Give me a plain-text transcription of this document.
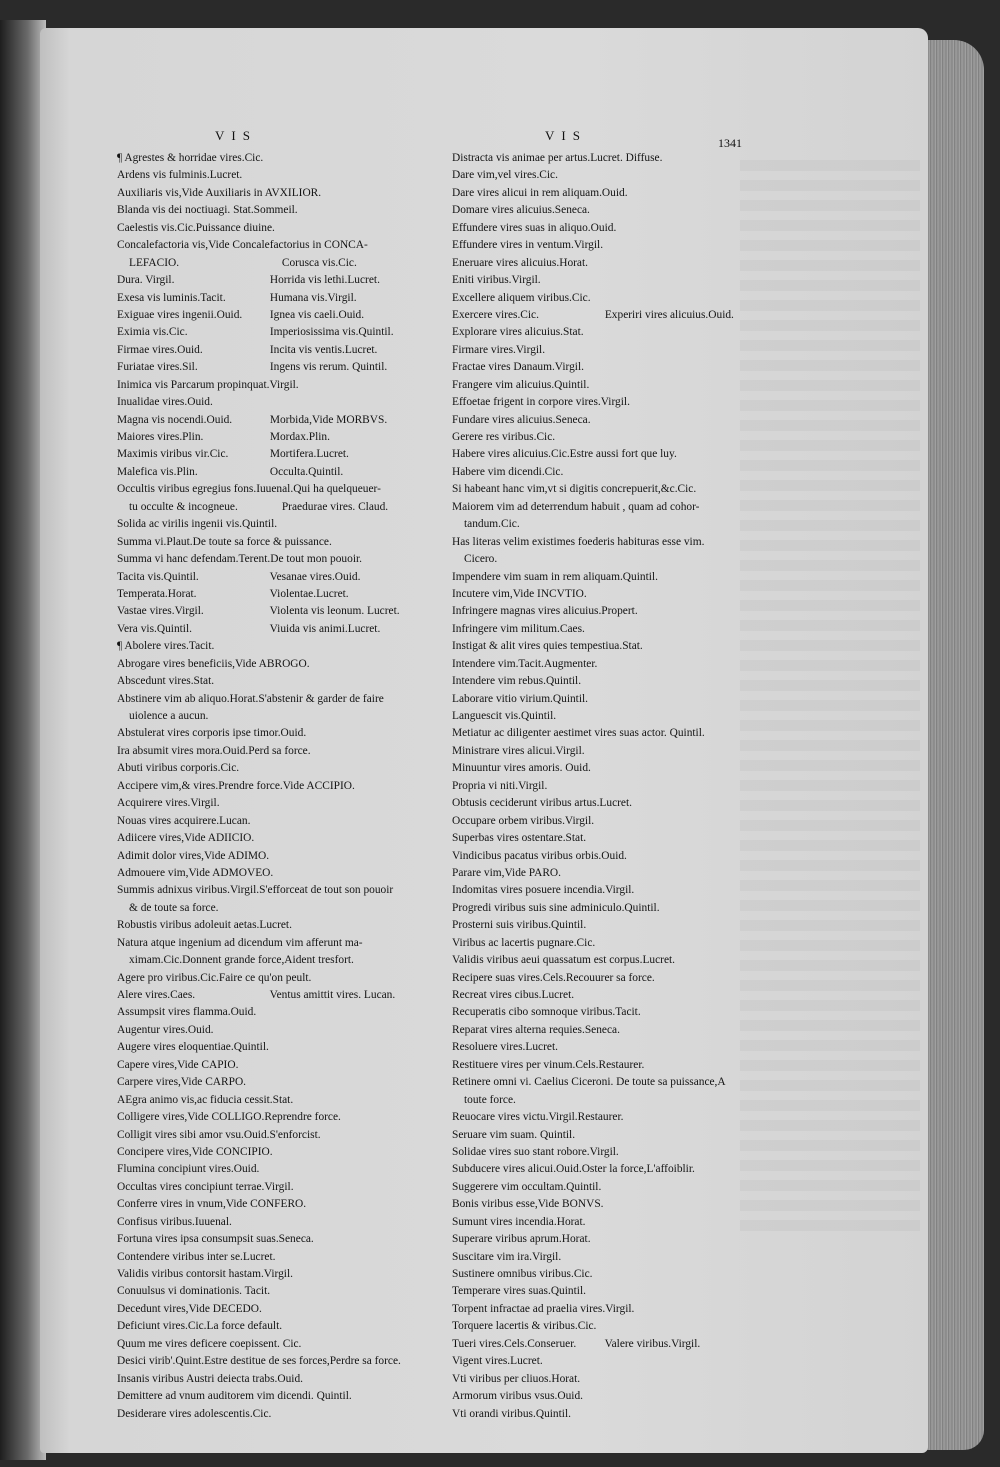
VIS	VIS	1341
¶ Agrestes & horridae vires.Cic.
Ardens vis fulminis.Lucret.
Auxiliaris vis,Vide Auxiliaris in AVXILIOR.
Blanda vis dei noctiuagi. Stat.Sommeil.
Caelestis vis.Cic.Puissance diuine.
Concalefactoria vis,Vide Concalefactorius in CONCA-
LEFACIO.	Corusca vis.Cic.
Dura. Virgil.	Horrida vis lethi.Lucret.
Exesa vis luminis.Tacit.	Humana vis.Virgil.
Exiguae vires ingenii.Ouid. Ignea vis caeli.Ouid.
Eximia vis.Cic.	Imperiosissima vis.Quintil.
Firmae vires.Ouid.	Incita vis ventis.Lucret.
Furiatae vires.Sil.	Ingens vis rerum. Quintil.
Inimica vis Parcarum propinquat.Virgil.
Inualidae vires.Ouid.
Magna vis nocendi.Ouid.	Morbida,Vide MORBVS.
Maiores vires.Plin.	Mordax.Plin.
Maximis viribus vir.Cic.	Mortifera.Lucret.
Malefica vis.Plin.	Occulta.Quintil.
Occultis viribus egregius fons.Iuuenal.Qui ha quelqueuer-
tu occulte & incogneue.	Praedurae vires. Claud.
Solida ac virilis ingenii vis.Quintil.
Summa vi.Plaut.De toute sa force & puissance.
Summa vi hanc defendam.Terent.De tout mon pouoir.
Tacita vis.Quintil.	Vesanae vires.Ouid.
Temperata.Horat.	Violentae.Lucret.
Vastae vires.Virgil.	Violenta vis leonum. Lucret.
Vera vis.Quintil.	Viuida vis animi.Lucret.
¶ Abolere vires.Tacit.
Abrogare vires beneficiis,Vide ABROGO.
Abscedunt vires.Stat.
Abstinere vim ab aliquo.Horat.S'abstenir & garder de faire
uiolence a aucun.
Abstulerat vires corporis ipse timor.Ouid.
Ira absumit vires mora.Ouid.Perd sa force.
Abuti viribus corporis.Cic.
Accipere vim,& vires.Prendre force.Vide ACCIPIO.
Acquirere vires.Virgil.
Nouas vires acquirere.Lucan.
Adiicere vires,Vide ADIICIO.
Adimit dolor vires,Vide ADIMO.
Admouere vim,Vide ADMOVEO.
Summis adnixus viribus.Virgil.S'efforceat de tout son pouoir
& de toute sa force.
Robustis viribus adoleuit aetas.Lucret.
Natura atque ingenium ad dicendum vim afferunt ma-
ximam.Cic.Donnent grande force,Aident tresfort.
Agere pro viribus.Cic.Faire ce qu'on peult.
Alere vires.Caes.	Ventus amittit vires. Lucan.
Assumpsit vires flamma.Ouid.
Augentur vires.Ouid.
Augere vires eloquentiae.Quintil.
Capere vires,Vide CAPIO.
Carpere vires,Vide CARPO.
AEgra animo vis,ac fiducia cessit.Stat.
Colligere vires,Vide COLLIGO.Reprendre force.
Colligit vires sibi amor vsu.Ouid.S'enforcist.
Concipere vires,Vide CONCIPIO.
Flumina concipiunt vires.Ouid.
Occultas vires concipiunt terrae.Virgil.
Conferre vires in vnum,Vide CONFERO.
Confisus viribus.Iuuenal.
Fortuna vires ipsa consumpsit suas.Seneca.
Contendere viribus inter se.Lucret.
Validis viribus contorsit hastam.Virgil.
Conuulsus vi dominationis. Tacit.
Decedunt vires,Vide DECEDO.
Deficiunt vires.Cic.La force default.
Quum me vires deficere coepissent. Cic.
Desici virib'.Quint.Estre destitue de ses forces,Perdre sa force.
Insanis viribus Austri deiecta trabs.Ouid.
Demittere ad vnum auditorem vim dicendi. Quintil.
Desiderare vires adolescentis.Cic.
Distracta vis animae per artus.Lucret. Diffuse.
Dare vim,vel vires.Cic.
Dare vires alicui in rem aliquam.Ouid.
Domare vires alicuius.Seneca.
Effundere vires suas in aliquo.Ouid.
Effundere vires in ventum.Virgil.
Eneruare vires alicuius.Horat.
Eniti viribus.Virgil.
Excellere aliquem viribus.Cic.
Exercere vires.Cic.	Experiri vires alicuius.Ouid.
Explorare vires alicuius.Stat.
Firmare vires.Virgil.
Fractae vires Danaum.Virgil.
Frangere vim alicuius.Quintil.
Effoetae frigent in corpore vires.Virgil.
Fundare vires alicuius.Seneca.
Gerere res viribus.Cic.
Habere vires alicuius.Cic.Estre aussi fort que luy.
Habere vim dicendi.Cic.
Si habeant hanc vim,vt si digitis concrepuerit,&c.Cic.
Maiorem vim ad deterrendum habuit , quam ad cohor-
tandum.Cic.
Has literas velim existimes foederis habituras esse vim.
Cicero.
Impendere vim suam in rem aliquam.Quintil.
Incutere vim,Vide INCVTIO.
Infringere magnas vires alicuius.Propert.
Infringere vim militum.Caes.
Instigat & alit vires quies tempestiua.Stat.
Intendere vim.Tacit.Augmenter.
Intendere vim rebus.Quintil.
Laborare vitio virium.Quintil.
Languescit vis.Quintil.
Metiatur ac diligenter aestimet vires suas actor. Quintil.
Ministrare vires alicui.Virgil.
Minuuntur vires amoris. Ouid.
Propria vi niti.Virgil.
Obtusis ceciderunt viribus artus.Lucret.
Occupare orbem viribus.Virgil.
Superbas vires ostentare.Stat.
Vindicibus pacatus viribus orbis.Ouid.
Parare vim,Vide PARO.
Indomitas vires posuere incendia.Virgil.
Progredi viribus suis sine adminiculo.Quintil.
Prosterni suis viribus.Quintil.
Viribus ac lacertis pugnare.Cic.
Validis viribus aeui quassatum est corpus.Lucret.
Recipere suas vires.Cels.Recouurer sa force.
Recreat vires cibus.Lucret.
Recuperatis cibo somnoque viribus.Tacit.
Reparat vires alterna requies.Seneca.
Resoluere vires.Lucret.
Restituere vires per vinum.Cels.Restaurer.
Retinere omni vi. Caelius Ciceroni. De toute sa puissance,A
toute force.
Reuocare vires victu.Virgil.Restaurer.
Seruare vim suam. Quintil.
Solidae vires suo stant robore.Virgil.
Subducere vires alicui.Ouid.Oster la force,L'affoiblir.
Suggerere vim occultam.Quintil.
Bonis viribus esse,Vide BONVS.
Sumunt vires incendia.Horat.
Superare viribus aprum.Horat.
Suscitare vim ira.Virgil.
Sustinere omnibus viribus.Cic.
Temperare vires suas.Quintil.
Torpent infractae ad praelia vires.Virgil.
Torquere lacertis & viribus.Cic.
Tueri vires.Cels.Conseruer. Valere viribus.Virgil.
Vigent vires.Lucret.
Vti viribus per cliuos.Horat.
Armorum viribus vsus.Ouid.
Vti orandi viribus.Quintil.
